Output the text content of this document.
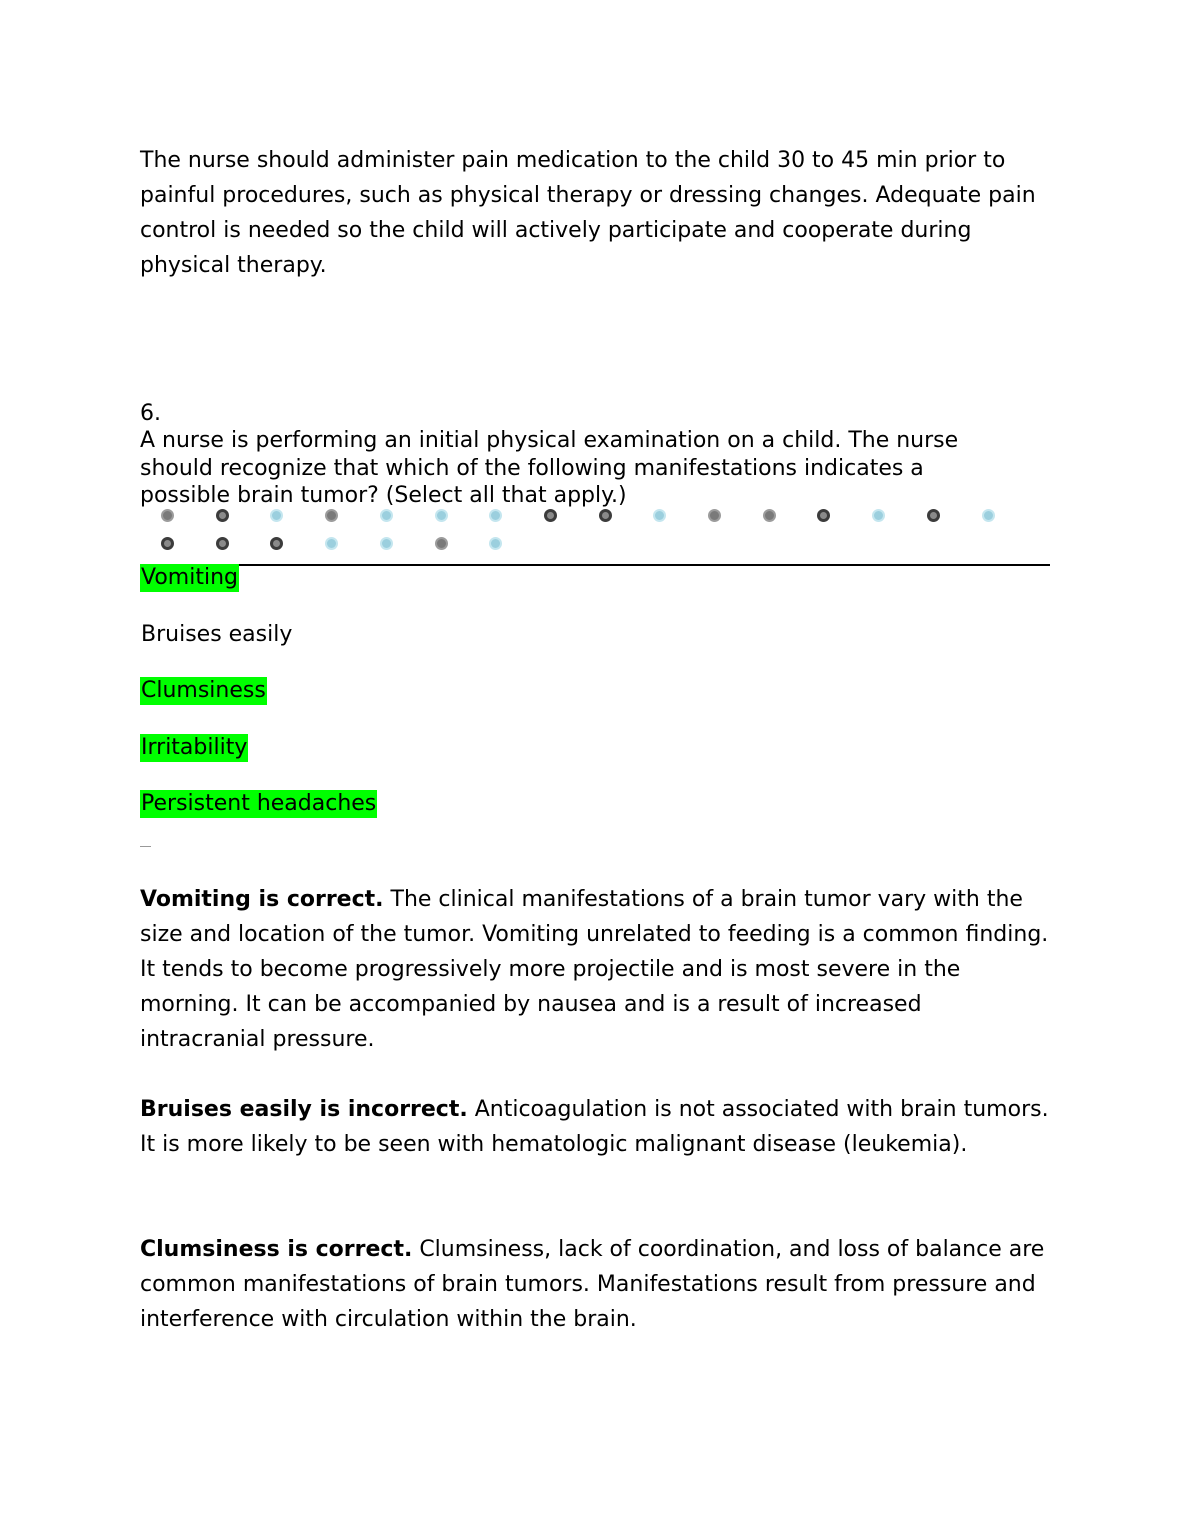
The nurse should administer pain medication to the child 30 to 45 min prior to painful procedures, such as physical therapy or dressing changes. Adequate pain control is needed so the child will actively participate and cooperate during physical therapy.

6.
A nurse is performing an initial physical examination on a child. The nurse should recognize that which of the following manifestations indicates a possible brain tumor? (Select all that apply.)
Vomiting
Bruises easily
Clumsiness
Irritability
Persistent headaches

Vomiting is correct. The clinical manifestations of a brain tumor vary with the size and location of the tumor. Vomiting unrelated to feeding is a common finding. It tends to become progressively more projectile and is most severe in the morning. It can be accompanied by nausea and is a result of increased intracranial pressure.

Bruises easily is incorrect. Anticoagulation is not associated with brain tumors. It is more likely to be seen with hematologic malignant disease (leukemia).

Clumsiness is correct. Clumsiness, lack of coordination, and loss of balance are common manifestations of brain tumors. Manifestations result from pressure and interference with circulation within the brain.
